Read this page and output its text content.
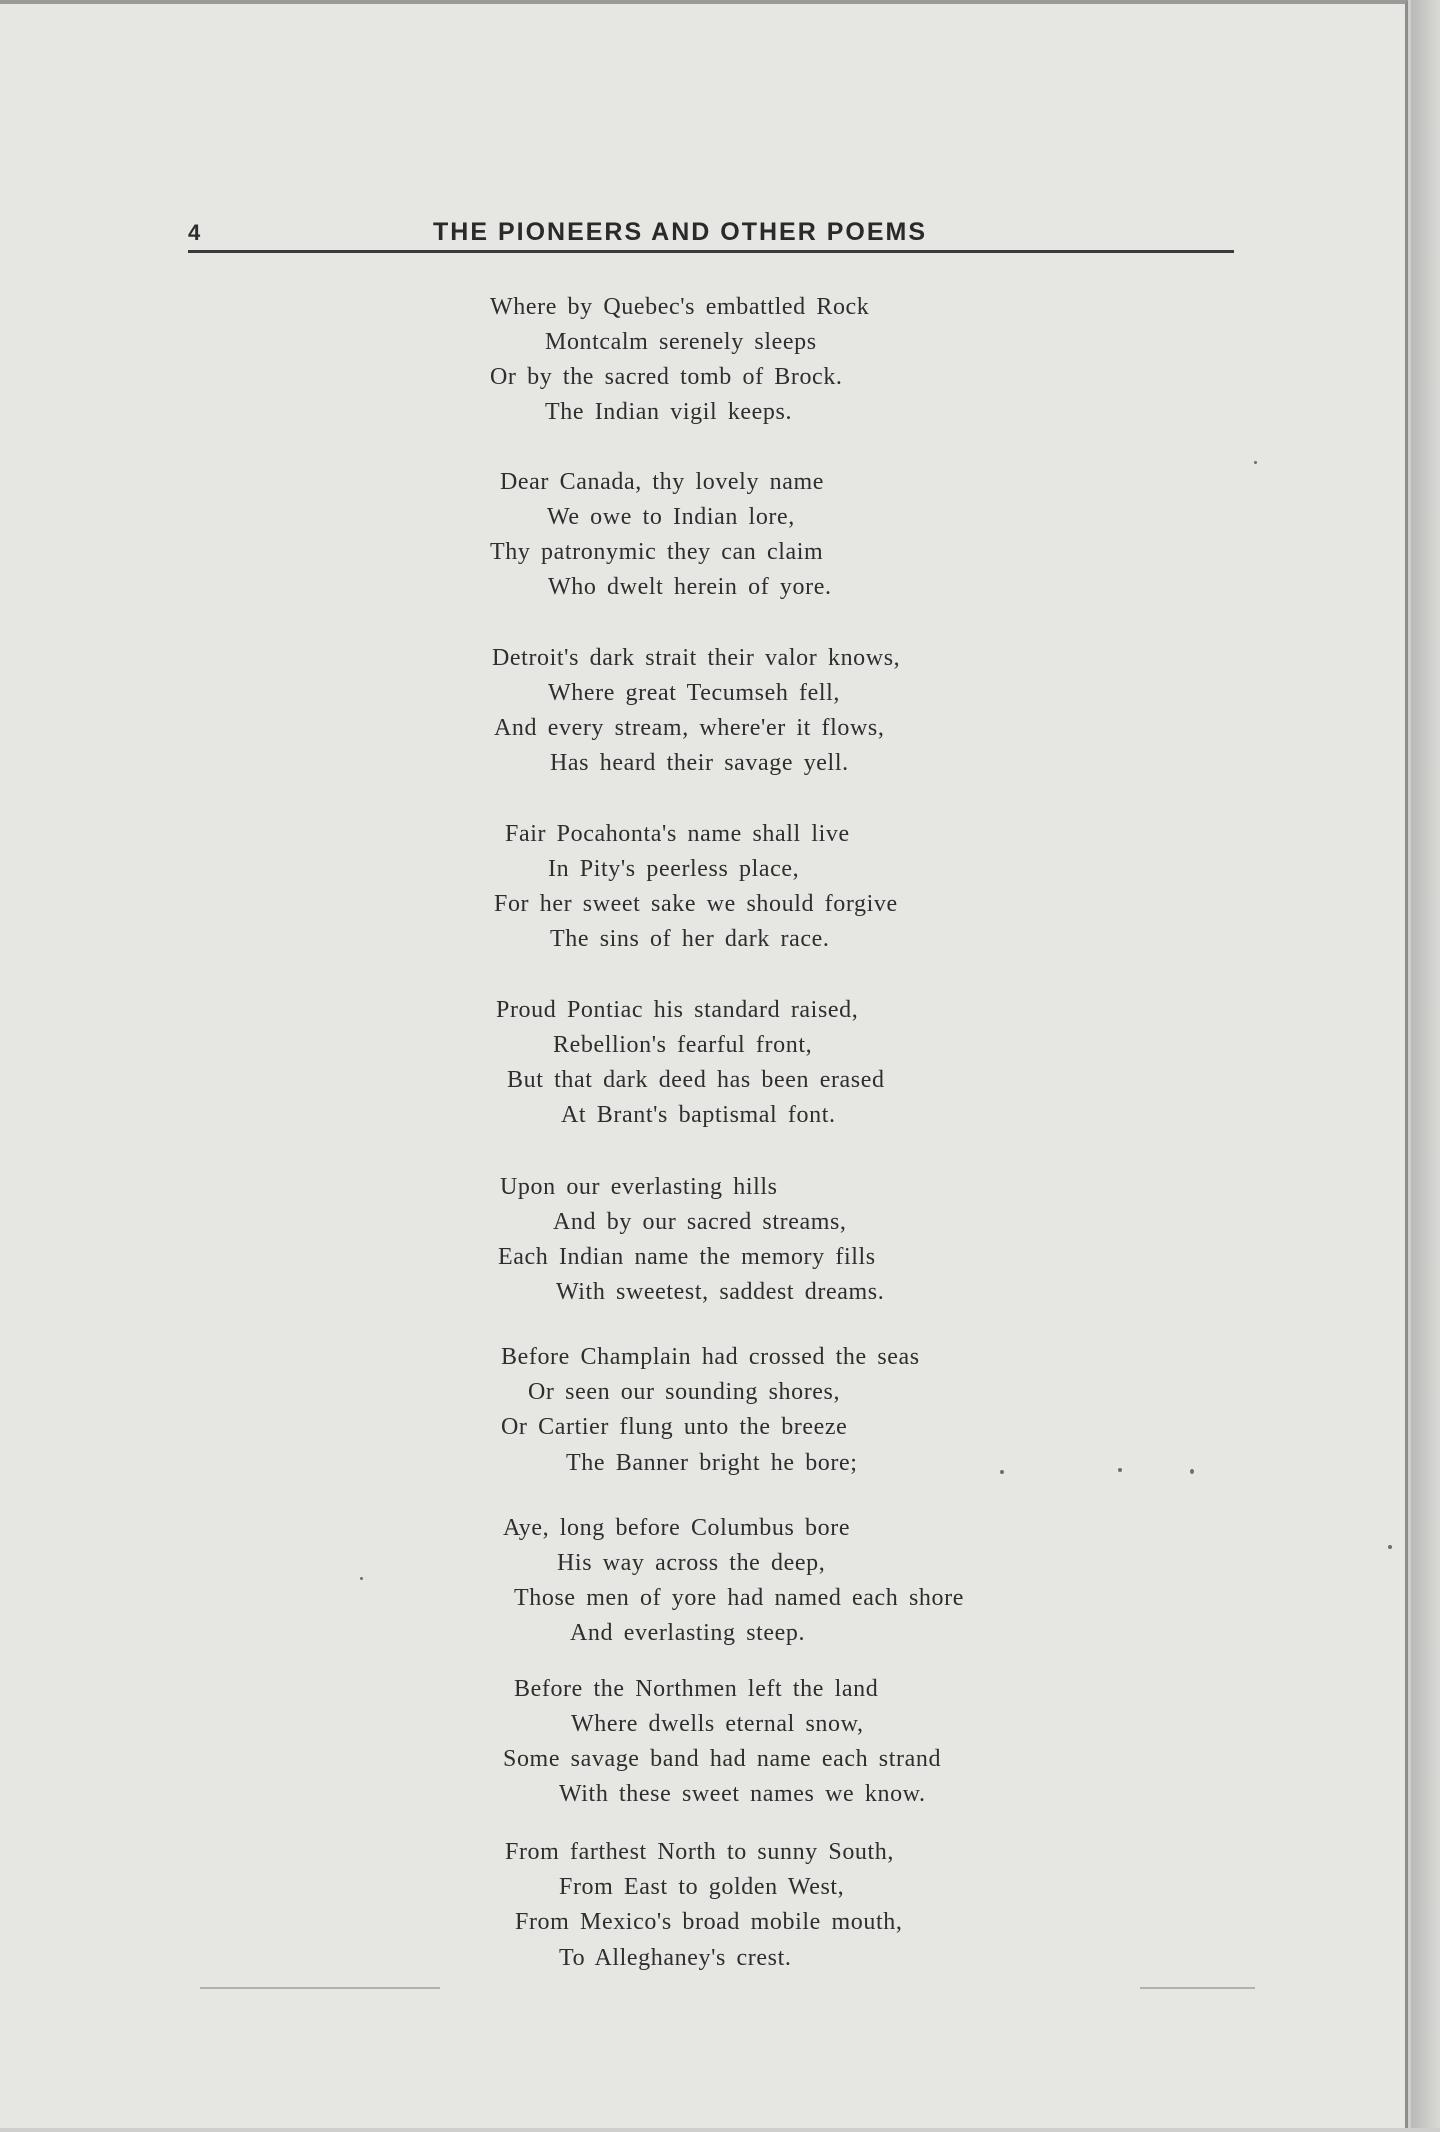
4	THE PIONEERS AND OTHER POEMS
Where by Quebec's embattled Rock
Montcalm serenely sleeps
Or by the sacred tomb of Brock.
The Indian vigil keeps.
Dear Canada, thy lovely name
We owe to Indian lore,
Thy patronymic they can claim
Who dwelt herein of yore.
Detroit's dark strait their valor knows,
Where great Tecumseh fell,
And every stream, where'er it flows,
Has heard their savage yell.
Fair Pocahonta's name shall live
In Pity's peerless place,
For her sweet sake we should forgive
The sins of her dark race.
Proud Pontiac his standard raised,
Rebellion's fearful front,
But that dark deed has been erased
At Brant's baptismal font.
Upon our everlasting hills
And by our sacred streams,
Each Indian name the memory fills
With sweetest, saddest dreams.
Before Champlain had crossed the seas
Or seen our sounding shores,
Or Cartier flung unto the breeze
The Banner bright he bore;
Aye, long before Columbus bore
His way across the deep,
Those men of yore had named each shore
And everlasting steep.
Before the Northmen left the land
Where dwells eternal snow,
Some savage band had name each strand
With these sweet names we know.
From farthest North to sunny South,
From East to golden West,
From Mexico's broad mobile mouth,
To Alleghaney's crest.
